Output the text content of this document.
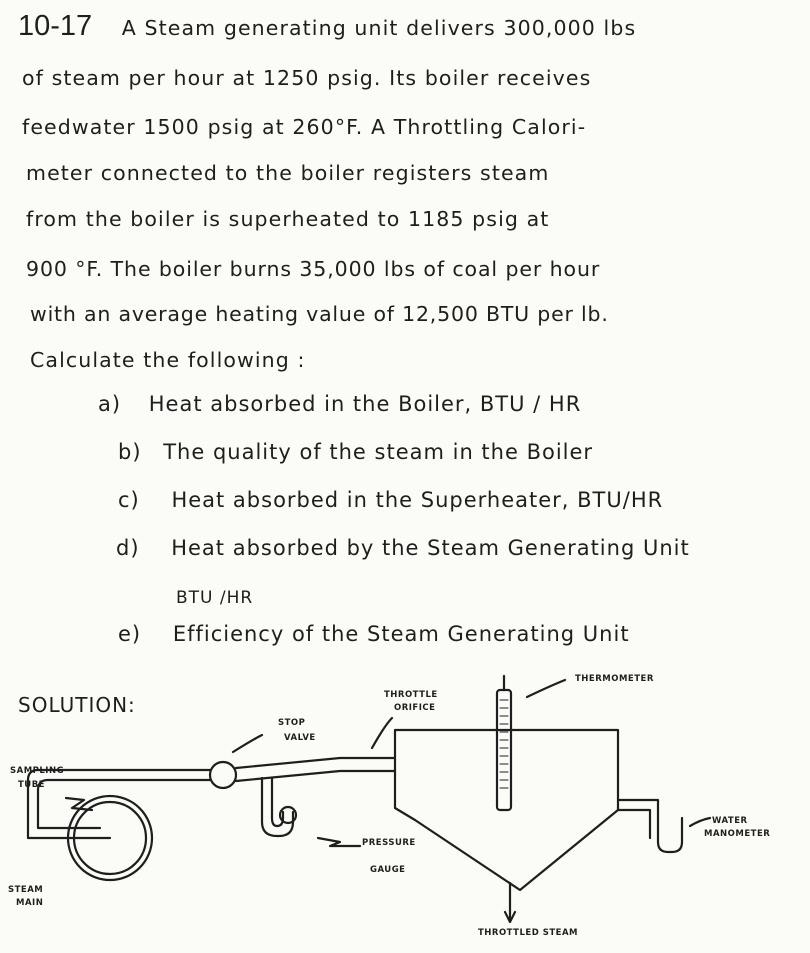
10-17 A Steam generating unit delivers 300,000 lbs
of steam per hour at 1250 psig. Its boiler receives
feedwater 1500 psig at 260°F. A Throttling Calori-
meter connected to the boiler registers steam
from the boiler is superheated to 1185 psig at
900 °F. The boiler burns 35,000 lbs of coal per hour
with an average heating value of 12,500 BTU per lb.
Calculate the following :
a) Heat absorbed in the Boiler, BTU / HR
b) The quality of the steam in the Boiler
c) Heat absorbed in the Superheater, BTU/HR
d) Heat absorbed by the Steam Generating Unit
BTU /HR
e) Efficiency of the Steam Generating Unit
SOLUTION:
THERMOMETER
THROTTLE
ORIFICE
STOP
VALVE
SAMPLING
TUBE
PRESSURE
GAUGE
WATER
MANOMETER
STEAM
MAIN
THROTTLED STEAM
